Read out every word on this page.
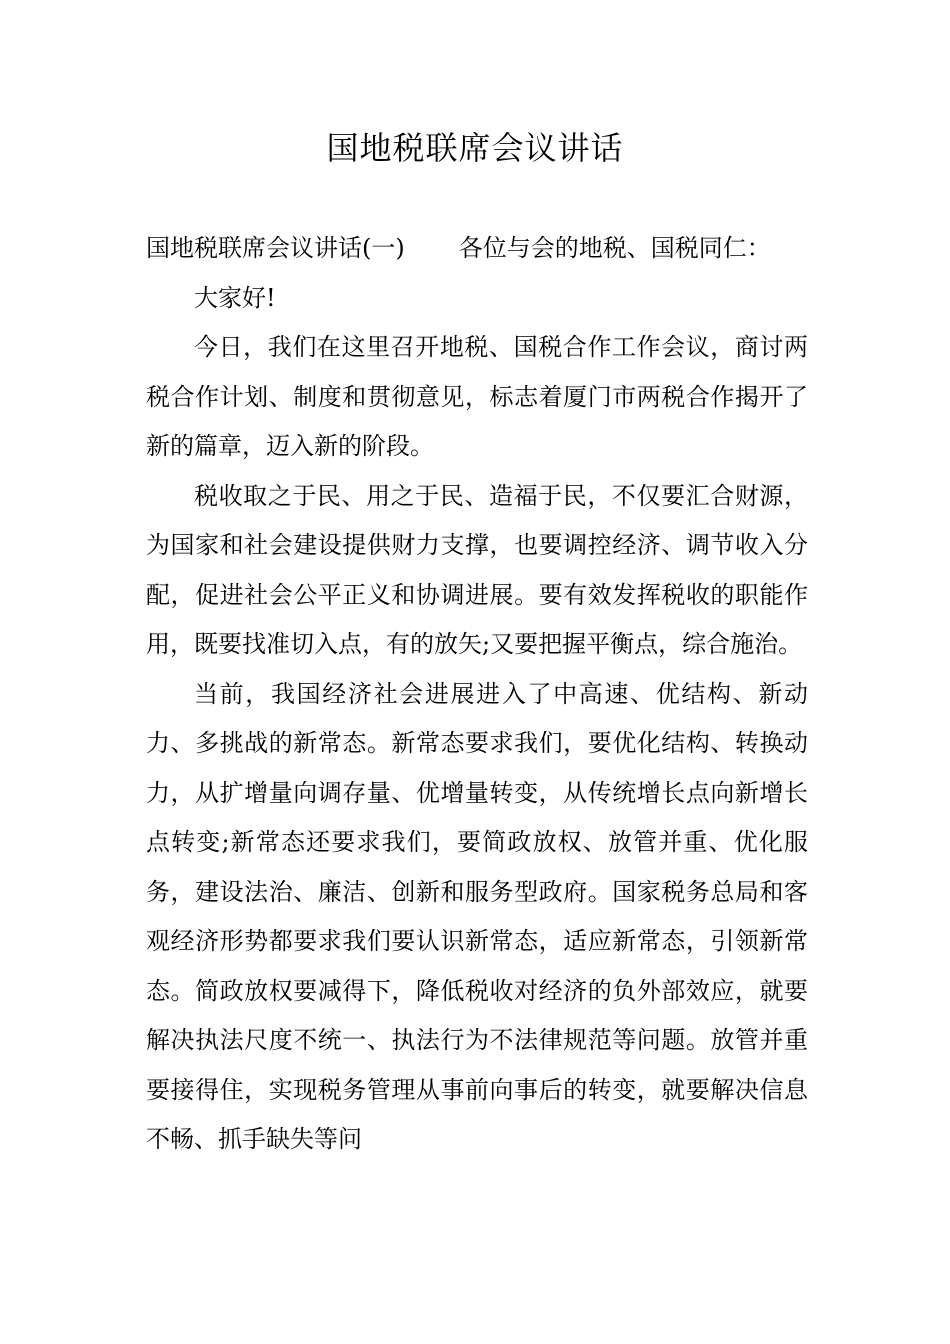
国地税联席会议讲话

国地税联席会议讲话(一) 各位与会的地税、国税同仁：

大家好!

今日，我们在这里召开地税、国税合作工作会议，商讨两税合作计划、制度和贯彻意见，标志着厦门市两税合作揭开了新的篇章，迈入新的阶段。

税收取之于民、用之于民、造福于民，不仅要汇合财源，为国家和社会建设提供财力支撑，也要调控经济、调节收入分配，促进社会公平正义和协调进展。要有效发挥税收的职能作用，既要找准切入点，有的放矢;又要把握平衡点，综合施治。

当前，我国经济社会进展进入了中高速、优结构、新动力、多挑战的新常态。新常态要求我们，要优化结构、转换动力，从扩增量向调存量、优增量转变，从传统增长点向新增长点转变;新常态还要求我们，要简政放权、放管并重、优化服务，建设法治、廉洁、创新和服务型政府。国家税务总局和客观经济形势都要求我们要认识新常态，适应新常态，引领新常态。简政放权要减得下，降低税收对经济的负外部效应，就要解决执法尺度不统一、执法行为不法律规范等问题。放管并重要接得住，实现税务管理从事前向事后的转变，就要解决信息不畅、抓手缺失等问
